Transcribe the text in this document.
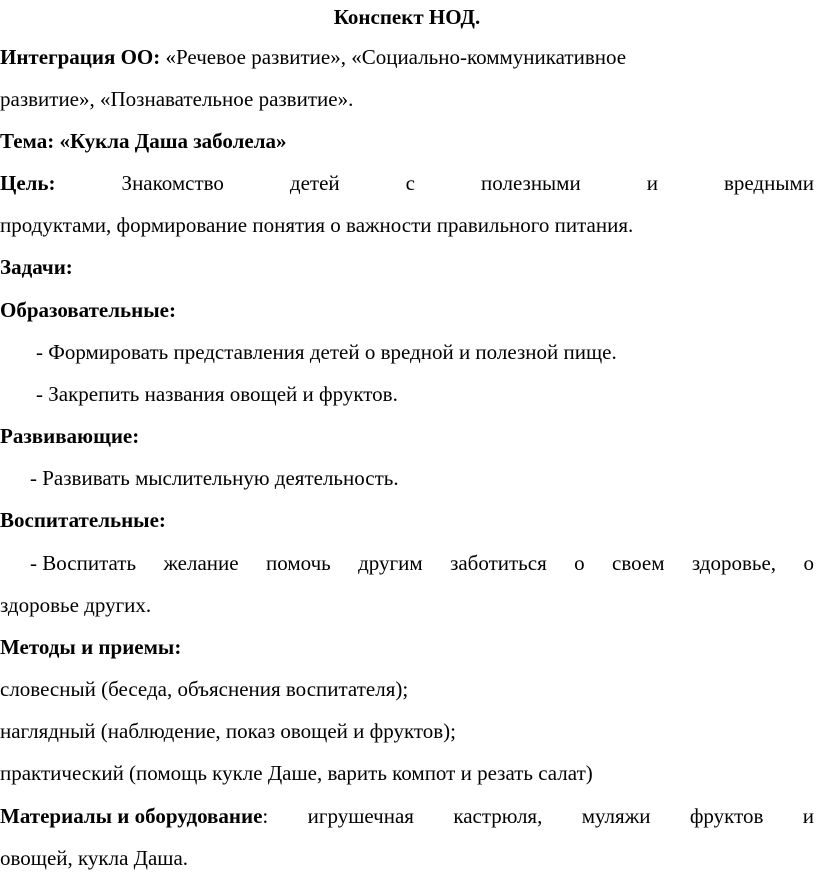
Конспект НОД.
Интеграция ОО: «Речевое развитие», «Социально-коммуникативное
развитие», «Познавательное развитие».
Тема: «Кукла Даша заболела»
Цель:	Знакомство	детей	с	полезными	и	вредными
продуктами, формирование понятия о важности правильного питания.
Задачи:
Образовательные:
- Формировать представления детей о вредной и полезной пище.
- Закрепить названия овощей и фруктов.
Развивающие:
- Развивать мыслительную деятельность.
Воспитательные:
- Воспитать желание помочь другим заботиться о своем здоровье, о
здоровье других.
Методы и приемы:
словесный (беседа, объяснения воспитателя);
наглядный (наблюдение, показ овощей и фруктов);
практический (помощь кукле Даше, варить компот и резать салат)
Материалы и оборудование: игрушечная кастрюля, муляжи фруктов и
овощей, кукла Даша.
